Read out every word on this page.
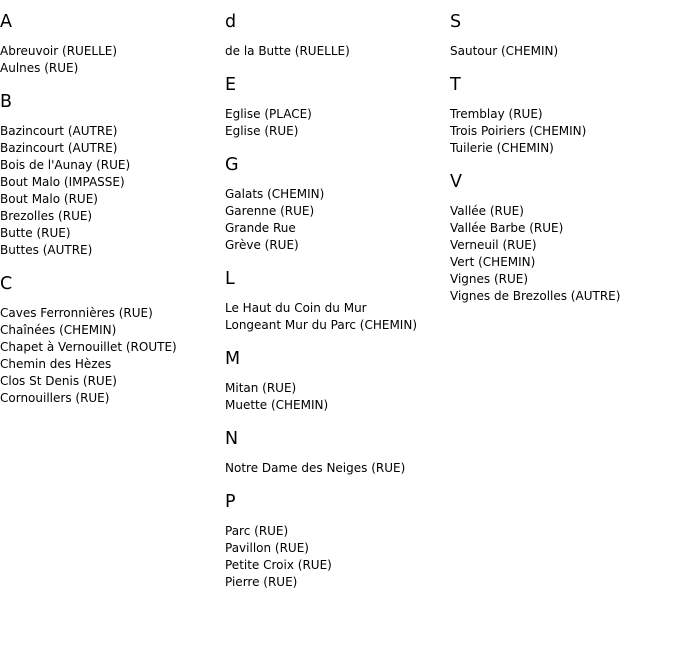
A
Abreuvoir (RUELLE)
Aulnes (RUE)
B
Bazincourt (AUTRE)
Bazincourt (AUTRE)
Bois de l'Aunay (RUE)
Bout Malo (IMPASSE)
Bout Malo (RUE)
Brezolles (RUE)
Butte (RUE)
Buttes (AUTRE)
C
Caves Ferronnières (RUE)
Chaînées (CHEMIN)
Chapet à Vernouillet (ROUTE)
Chemin des Hèzes
Clos St Denis (RUE)
Cornouillers (RUE)
d
de la Butte (RUELLE)
E
Eglise (PLACE)
Eglise (RUE)
G
Galats (CHEMIN)
Garenne (RUE)
Grande Rue
Grève (RUE)
L
Le Haut du Coin du Mur
Longeant Mur du Parc (CHEMIN)
M
Mitan (RUE)
Muette (CHEMIN)
N
Notre Dame des Neiges (RUE)
P
Parc (RUE)
Pavillon (RUE)
Petite Croix (RUE)
Pierre (RUE)
S
Sautour (CHEMIN)
T
Tremblay (RUE)
Trois Poiriers (CHEMIN)
Tuilerie (CHEMIN)
V
Vallée (RUE)
Vallée Barbe (RUE)
Verneuil (RUE)
Vert (CHEMIN)
Vignes (RUE)
Vignes de Brezolles (AUTRE)
